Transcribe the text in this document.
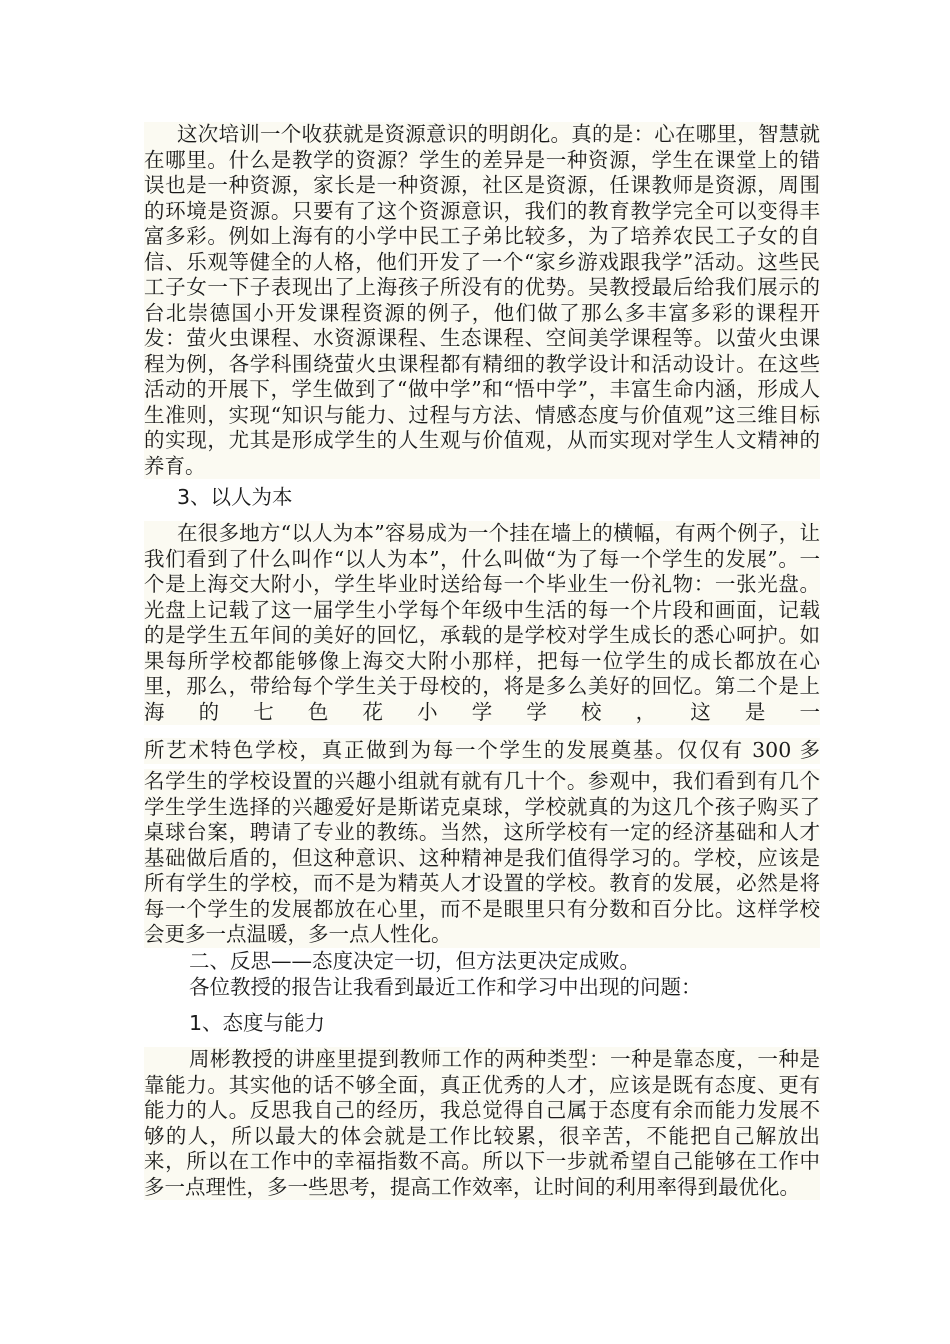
这次培训一个收获就是资源意识的明朗化。真的是：心在哪里，智慧就在哪里。什么是教学的资源？学生的差异是一种资源，学生在课堂上的错误也是一种资源，家长是一种资源，社区是资源，任课教师是资源，周围的环境是资源。只要有了这个资源意识，我们的教育教学完全可以变得丰富多彩。例如上海有的小学中民工子弟比较多，为了培养农民工子女的自信、乐观等健全的人格，他们开发了一个“家乡游戏跟我学”活动。这些民工子女一下子表现出了上海孩子所没有的优势。吴教授最后给我们展示的台北崇德国小开发课程资源的例子，他们做了那么多丰富多彩的课程开发：萤火虫课程、水资源课程、生态课程、空间美学课程等。以萤火虫课程为例，各学科围绕萤火虫课程都有精细的教学设计和活动设计。在这些活动的开展下，学生做到了“做中学”和“悟中学”，丰富生命内涵，形成人生准则，实现“知识与能力、过程与方法、情感态度与价值观”这三维目标的实现，尤其是形成学生的人生观与价值观，从而实现对学生人文精神的养育。

3、以人为本

在很多地方“以人为本”容易成为一个挂在墙上的横幅，有两个例子，让我们看到了什么叫作“以人为本”，什么叫做“为了每一个学生的发展”。一个是上海交大附小，学生毕业时送给每一个毕业生一份礼物：一张光盘。光盘上记载了这一届学生小学每个年级中生活的每一个片段和画面，记载的是学生五年间的美好的回忆，承载的是学校对学生成长的悉心呵护。如果每所学校都能够像上海交大附小那样，把每一位学生的成长都放在心里，那么，带给每个学生关于母校的，将是多么美好的回忆。第二个是上海的七色花小学学校，这是一

所艺术特色学校，真正做到为每一个学生的发展奠基。仅仅有 300 多

名学生的学校设置的兴趣小组就有就有几十个。参观中，我们看到有几个学生学生选择的兴趣爱好是斯诺克桌球，学校就真的为这几个孩子购买了桌球台案，聘请了专业的教练。当然，这所学校有一定的经济基础和人才基础做后盾的，但这种意识、这种精神是我们值得学习的。学校，应该是所有学生的学校，而不是为精英人才设置的学校。教育的发展，必然是将每一个学生的发展都放在心里，而不是眼里只有分数和百分比。这样学校会更多一点温暖，多一点人性化。

二、反思——态度决定一切，但方法更决定成败。

各位教授的报告让我看到最近工作和学习中出现的问题：

1、态度与能力

周彬教授的讲座里提到教师工作的两种类型：一种是靠态度，一种是靠能力。其实他的话不够全面，真正优秀的人才，应该是既有态度、更有能力的人。反思我自己的经历，我总觉得自己属于态度有余而能力发展不够的人，所以最大的体会就是工作比较累，很辛苦，不能把自己解放出来，所以在工作中的幸福指数不高。所以下一步就希望自己能够在工作中多一点理性，多一些思考，提高工作效率，让时间的利用率得到最优化。
